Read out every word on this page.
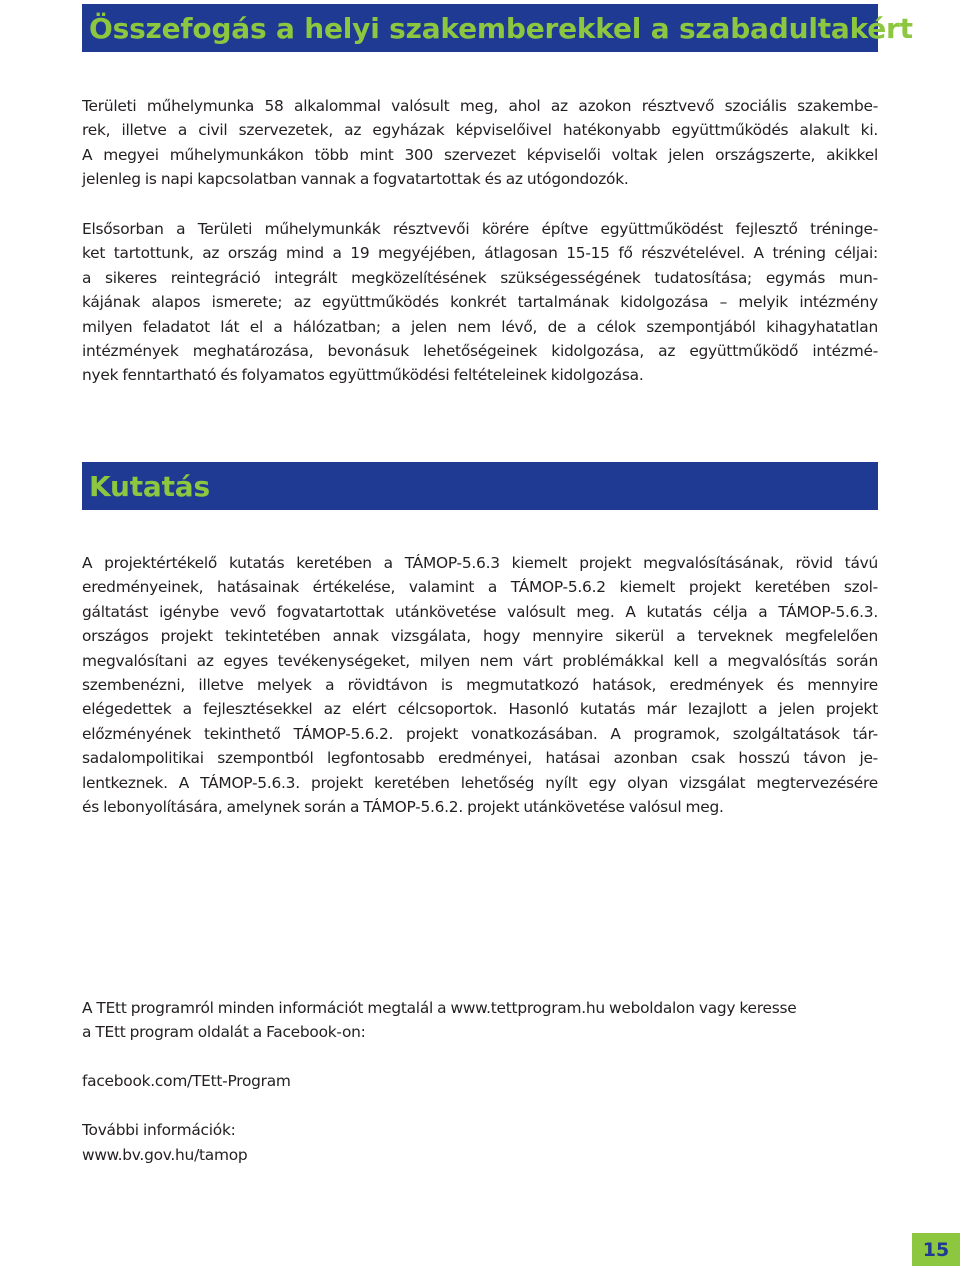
Összefogás a helyi szakemberekkel a szabadultakért

Területi műhelymunka 58 alkalommal valósult meg, ahol az azokon résztvevő szociális szakembe-
rek, illetve a civil szervezetek, az egyházak képviselőivel hatékonyabb együttműködés alakult ki.
A megyei műhelymunkákon több mint 300 szervezet képviselői voltak jelen országszerte, akikkel
jelenleg is napi kapcsolatban vannak a fogvatartottak és az utógondozók.

Elsősorban a Területi műhelymunkák résztvevői körére építve együttműködést fejlesztő tréninge-
ket tartottunk, az ország mind a 19 megyéjében, átlagosan 15-15 fő részvételével. A tréning céljai:
a sikeres reintegráció integrált megközelítésének szükségességének tudatosítása; egymás mun-
kájának alapos ismerete; az együttműködés konkrét tartalmának kidolgozása – melyik intézmény
milyen feladatot lát el a hálózatban; a jelen nem lévő, de a célok szempontjából kihagyhatatlan
intézmények meghatározása, bevonásuk lehetőségeinek kidolgozása, az együttműködő intézmé-
nyek fenntartható és folyamatos együttműködési feltételeinek kidolgozása.

Kutatás

A projektértékelő kutatás keretében a TÁMOP-5.6.3 kiemelt projekt megvalósításának, rövid távú
eredményeinek, hatásainak értékelése, valamint a TÁMOP-5.6.2 kiemelt projekt keretében szol-
gáltatást igénybe vevő fogvatartottak utánkövetése valósult meg. A kutatás célja a TÁMOP-5.6.3.
országos projekt tekintetében annak vizsgálata, hogy mennyire sikerül a terveknek megfelelően
megvalósítani az egyes tevékenységeket, milyen nem várt problémákkal kell a megvalósítás során
szembenézni, illetve melyek a rövidtávon is megmutatkozó hatások, eredmények és mennyire
elégedettek a fejlesztésekkel az elért célcsoportok. Hasonló kutatás már lezajlott a jelen projekt
előzményének tekinthető TÁMOP-5.6.2. projekt vonatkozásában. A programok, szolgáltatások tár-
sadalompolitikai szempontból legfontosabb eredményei, hatásai azonban csak hosszú távon je-
lentkeznek. A TÁMOP-5.6.3. projekt keretében lehetőség nyílt egy olyan vizsgálat megtervezésére
és lebonyolítására, amelynek során a TÁMOP-5.6.2. projekt utánkövetése valósul meg.

A TEtt programról minden információt megtalál a www.tettprogram.hu weboldalon vagy keresse
a TEtt program oldalát a Facebook-on:

facebook.com/TEtt-Program

További információk:

www.bv.gov.hu/tamop

15
